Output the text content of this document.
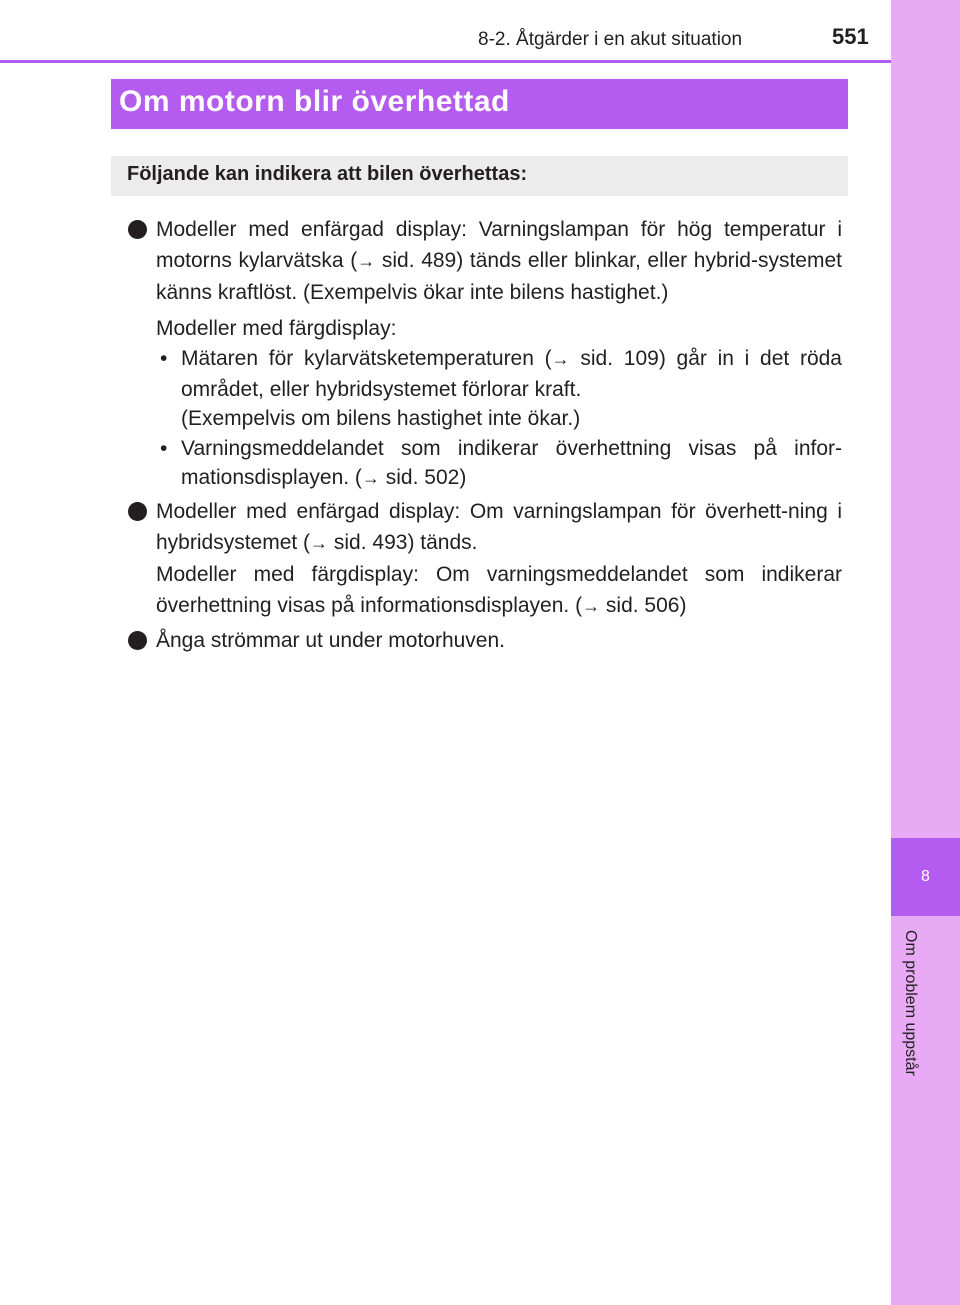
8
Om problem uppstår
8-2. Åtgärder i en akut situation	551
Om motorn blir överhettad
Följande kan indikera att bilen överhettas:
Modeller med enfärgad display: Varningslampan för hög temperatur i motorns kylarvätska (→ sid. 489) tänds eller blinkar, eller hybrid-systemet känns kraftlöst. (Exempelvis ökar inte bilens hastighet.)
Modeller med färgdisplay:
• Mätaren för kylarvätsketemperaturen (→ sid. 109) går in i det röda området, eller hybridsystemet förlorar kraft.
(Exempelvis om bilens hastighet inte ökar.)
• Varningsmeddelandet som indikerar överhettning visas på infor-mationsdisplayen. (→ sid. 502)
Modeller med enfärgad display: Om varningslampan för överhett-ning i hybridsystemet (→ sid. 493) tänds.
Modeller med färgdisplay: Om varningsmeddelandet som indikerar överhettning visas på informationsdisplayen. (→ sid. 506)
Ånga strömmar ut under motorhuven.
